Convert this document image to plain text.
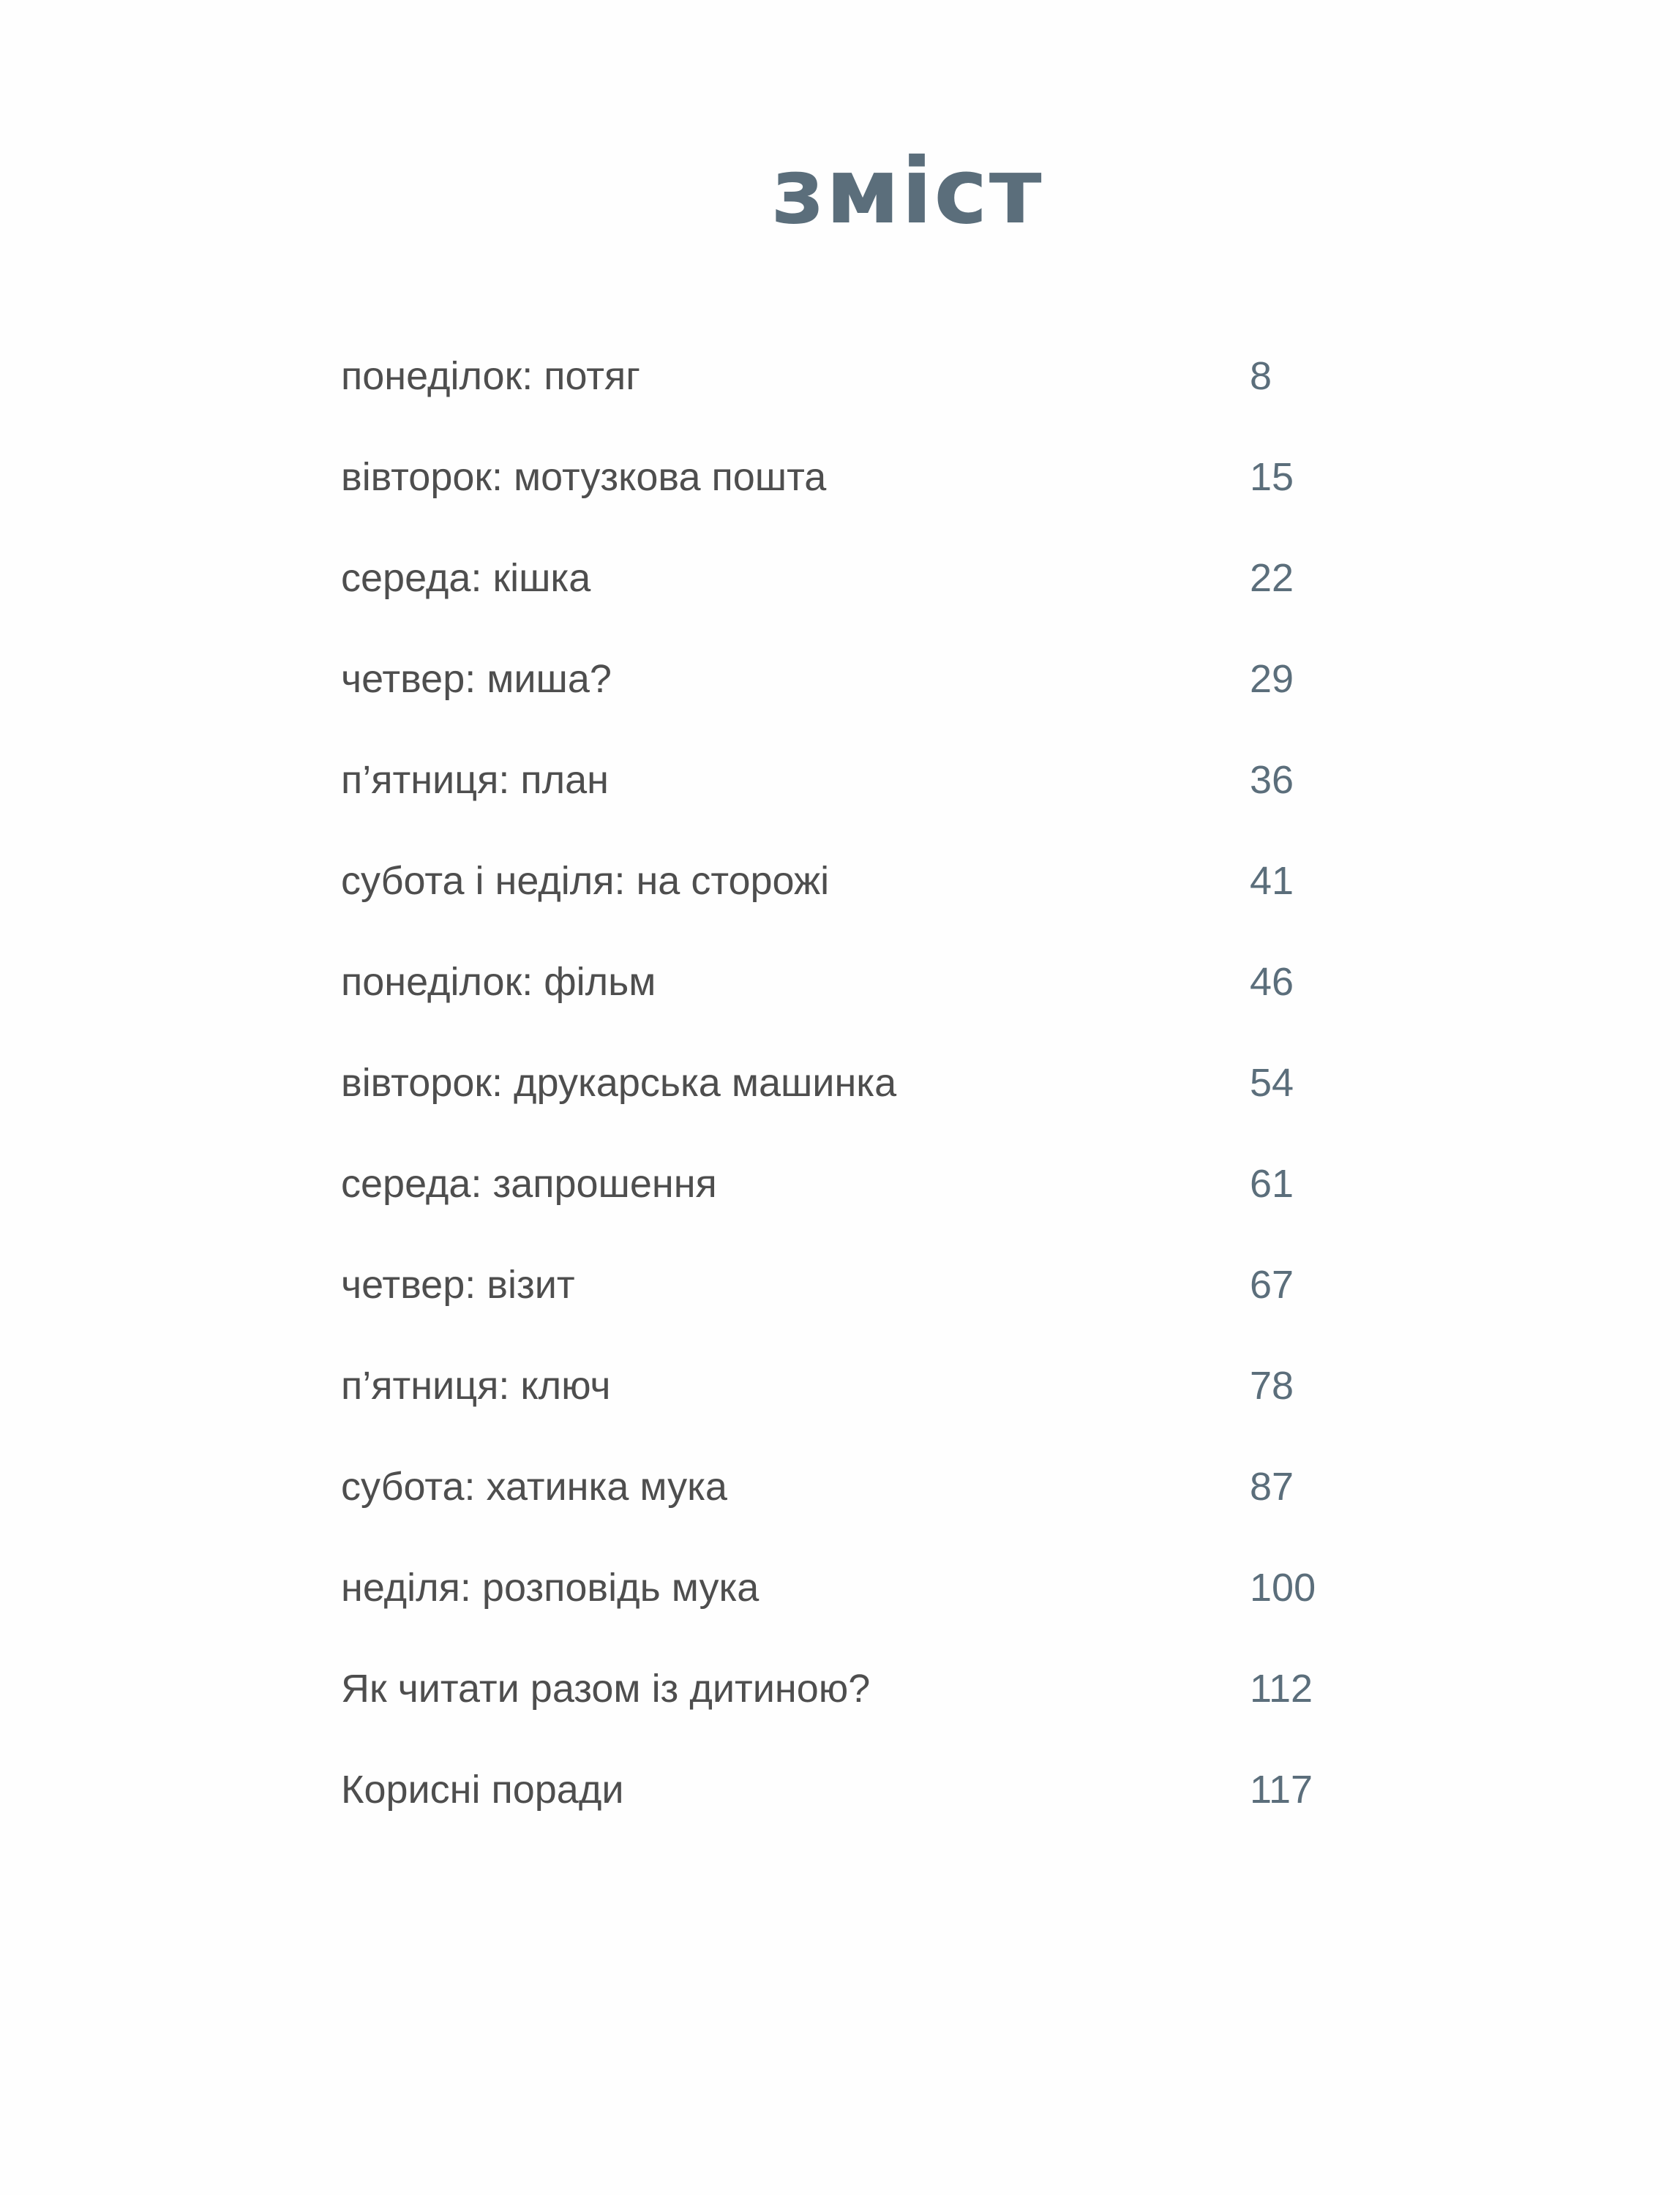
зміст
понеділок: потяг	8
вівторок: мотузкова пошта	15
середа: кішка	22
четвер: миша?	29
п’ятниця: план	36
субота і неділя: на сторожі	41
понеділок: фільм	46
вівторок: друкарська машинка	54
середа: запрошення	61
четвер: візит	67
п’ятниця: ключ	78
субота: хатинка мука	87
неділя: розповідь мука	100
Як читати разом із дитиною?	112
Корисні поради	117
